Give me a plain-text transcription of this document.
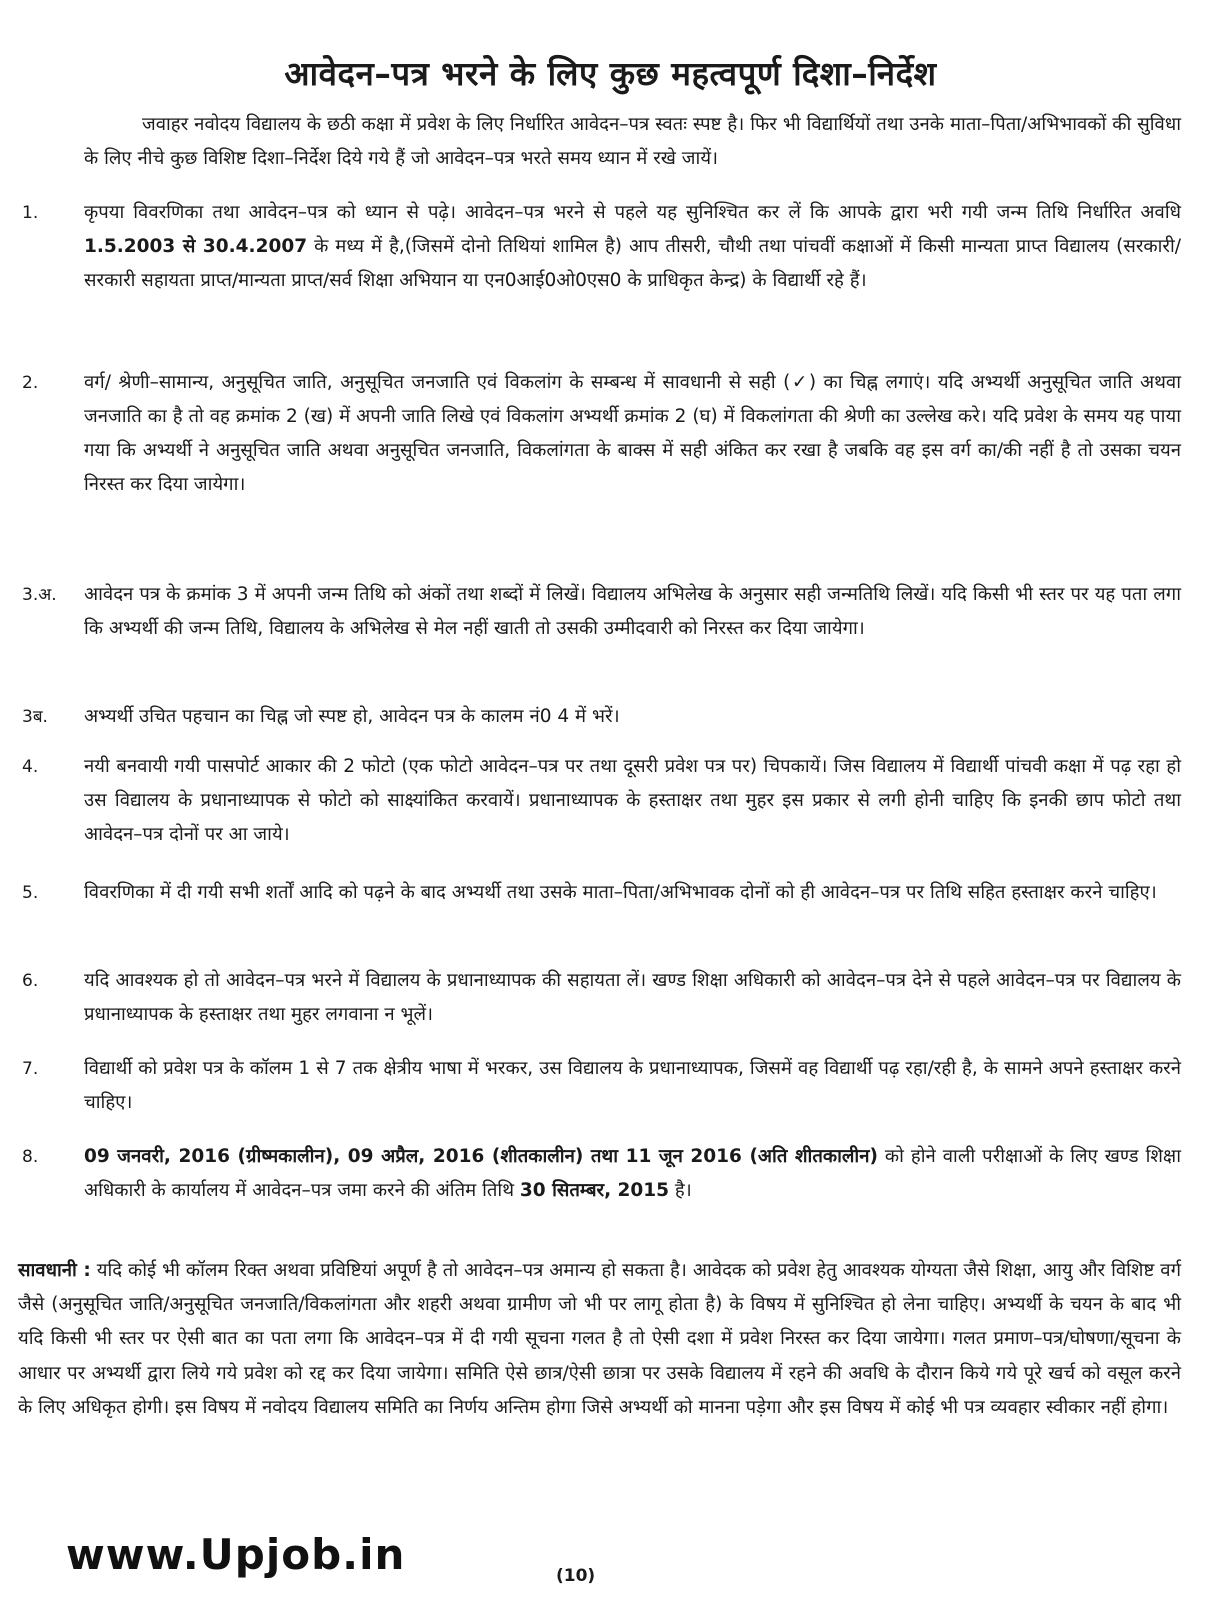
आवेदन–पत्र भरने के लिए कुछ महत्वपूर्ण दिशा–निर्देश

जवाहर नवोदय विद्यालय के छठी कक्षा में प्रवेश के लिए निर्धारित आवेदन–पत्र स्वतः स्पष्ट है। फिर भी विद्यार्थियों तथा उनके माता–पिता/अभिभावकों की सुविधा के लिए नीचे कुछ विशिष्ट दिशा–निर्देश दिये गये हैं जो आवेदन–पत्र भरते समय ध्यान में रखे जायें।

1.	कृपया विवरणिका तथा आवेदन–पत्र को ध्यान से पढ़े। आवेदन–पत्र भरने से पहले यह सुनिश्चित कर लें कि आपके द्वारा भरी गयी जन्म तिथि निर्धारित अवधि 1.5.2003 से 30.4.2007 के मध्य में है,(जिसमें दोनो तिथियां शामिल है) आप तीसरी, चौथी तथा पांचवीं कक्षाओं में किसी मान्यता प्राप्त विद्यालय (सरकारी/सरकारी सहायता प्राप्त/मान्यता प्राप्त/सर्व शिक्षा अभियान या एन0आई0ओ0एस0 के प्राधिकृत केन्द्र) के विद्यार्थी रहे हैं।
2.	वर्ग/ श्रेणी–सामान्य, अनुसूचित जाति, अनुसूचित जनजाति एवं विकलांग के सम्बन्ध में सावधानी से सही (✓) का चिह्न लगाएं। यदि अभ्यर्थी अनुसूचित जाति अथवा जनजाति का है तो वह क्रमांक 2 (ख) में अपनी जाति लिखे एवं विकलांग अभ्यर्थी क्रमांक 2 (घ) में विकलांगता की श्रेणी का उल्लेख करे। यदि प्रवेश के समय यह पाया गया कि अभ्यर्थी ने अनुसूचित जाति अथवा अनुसूचित जनजाति, विकलांगता के बाक्स में सही अंकित कर रखा है जबकि वह इस वर्ग का/की नहीं है तो उसका चयन निरस्त कर दिया जायेगा।
3.अ.	आवेदन पत्र के क्रमांक 3 में अपनी जन्म तिथि को अंकों तथा शब्दों में लिखें। विद्यालय अभिलेख के अनुसार सही जन्मतिथि लिखें। यदि किसी भी स्तर पर यह पता लगा कि अभ्यर्थी की जन्म तिथि, विद्यालय के अभिलेख से मेल नहीं खाती तो उसकी उम्मीदवारी को निरस्त कर दिया जायेगा।
3ब.	अभ्यर्थी उचित पहचान का चिह्न जो स्पष्ट हो, आवेदन पत्र के कालम नं0 4 में भरें।
4.	नयी बनवायी गयी पासपोर्ट आकार की 2 फोटो (एक फोटो आवेदन–पत्र पर तथा दूसरी प्रवेश पत्र पर) चिपकायें। जिस विद्यालय में विद्यार्थी पांचवी कक्षा में पढ़ रहा हो उस विद्यालय के प्रधानाध्यापक से फोटो को साक्ष्यांकित करवायें। प्रधानाध्यापक के हस्ताक्षर तथा मुहर इस प्रकार से लगी होनी चाहिए कि इनकी छाप फोटो तथा आवेदन–पत्र दोनों पर आ जाये।
5.	विवरणिका में दी गयी सभी शर्तों आदि को पढ़ने के बाद अभ्यर्थी तथा उसके माता–पिता/अभिभावक दोनों को ही आवेदन–पत्र पर तिथि सहित हस्ताक्षर करने चाहिए।
6.	यदि आवश्यक हो तो आवेदन–पत्र भरने में विद्यालय के प्रधानाध्यापक की सहायता लें। खण्ड शिक्षा अधिकारी को आवेदन–पत्र देने से पहले आवेदन–पत्र पर विद्यालय के प्रधानाध्यापक के हस्ताक्षर तथा मुहर लगवाना न भूलें।
7.	विद्यार्थी को प्रवेश पत्र के कॉलम 1 से 7 तक क्षेत्रीय भाषा में भरकर, उस विद्यालय के प्रधानाध्यापक, जिसमें वह विद्यार्थी पढ़ रहा/रही है, के सामने अपने हस्ताक्षर करने चाहिए।
8.	09 जनवरी, 2016 (ग्रीष्मकालीन), 09 अप्रैल, 2016 (शीतकालीन) तथा 11 जून 2016 (अति शीतकालीन) को होने वाली परीक्षाओं के लिए खण्ड शिक्षा अधिकारी के कार्यालय में आवेदन–पत्र जमा करने की अंतिम तिथि 30 सितम्बर, 2015 है।
सावधानी : यदि कोई भी कॉलम रिक्त अथवा प्रविष्टियां अपूर्ण है तो आवेदन–पत्र अमान्य हो सकता है। आवेदक को प्रवेश हेतु आवश्यक योग्यता जैसे शिक्षा, आयु और विशिष्ट वर्ग जैसे (अनुसूचित जाति/अनुसूचित जनजाति/विकलांगता और शहरी अथवा ग्रामीण जो भी पर लागू होता है) के विषय में सुनिश्चित हो लेना चाहिए। अभ्यर्थी के चयन के बाद भी यदि किसी भी स्तर पर ऐसी बात का पता लगा कि आवेदन–पत्र में दी गयी सूचना गलत है तो ऐसी दशा में प्रवेश निरस्त कर दिया जायेगा। गलत प्रमाण–पत्र/घोषणा/सूचना के आधार पर अभ्यर्थी द्वारा लिये गये प्रवेश को रद्द कर दिया जायेगा। समिति ऐसे छात्र/ऐसी छात्रा पर उसके विद्यालय में रहने की अवधि के दौरान किये गये पूरे खर्च को वसूल करने के लिए अधिकृत होगी। इस विषय में नवोदय विद्यालय समिति का निर्णय अन्तिम होगा जिसे अभ्यर्थी को मानना पड़ेगा और इस विषय में कोई भी पत्र व्यवहार स्वीकार नहीं होगा।
www.Upjob.in	(10)
